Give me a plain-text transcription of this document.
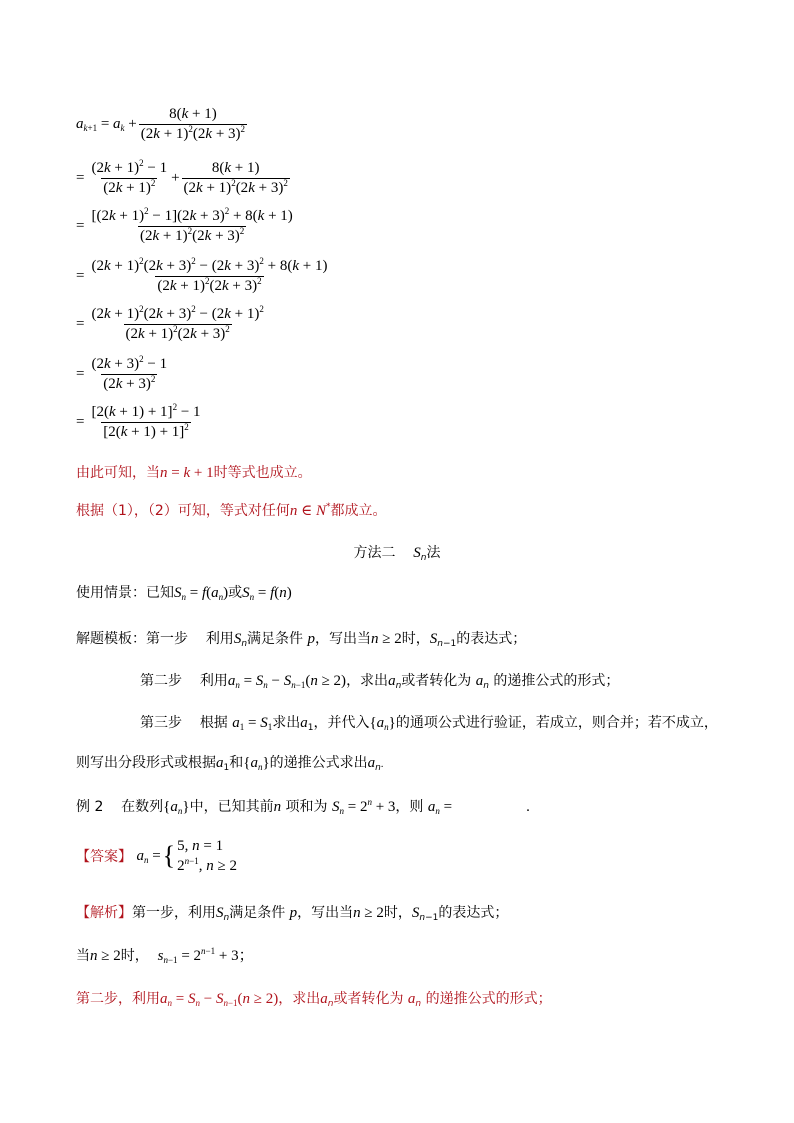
$a_{k+1} = a_k + \frac{8(k + 1)}{(2k + 1)^2(2k + 3)^2}$
= $\frac{(2k + 1)^2 - 1}{(2k + 1)^2} + \frac{8(k + 1)}{(2k + 1)^2(2k + 3)^2}$
= $\frac{[(2k + 1)^2 - 1](2k + 3)^2 + 8(k + 1)}{(2k + 1)^2(2k + 3)^2}$
= $\frac{(2k + 1)^2(2k + 3)^2 - (2k + 3)^2 + 8(k + 1)}{(2k + 1)^2(2k + 3)^2}$
= $\frac{(2k + 1)^2(2k + 3)^2 - (2k + 1)^2}{(2k + 1)^2(2k + 3)^2}$
= $\frac{(2k + 3)^2 - 1}{(2k + 3)^2}$
= $\frac{[2(k + 1) + 1]^2 - 1}{[2(k + 1) + 1]^2}$
由此可知，当n = k + 1时等式也成立。
根据（1），（2）可知，等式对任何n ∈ N*都成立。
方法二 $S_n$法
使用情景：已知$S_n = f(a_n)$或$S_n = f(n)$
解题模板：第一步 利用$S_n$满足条件 p，写出当n ≥ 2时，$S_{n-1}$的表达式；
第二步 利用$a_n = S_n - S_{n-1}(n \ge 2)$，求出$a_n$或者转化为 $a_n$ 的递推公式的形式；
第三步 根据 $a_1 = S_1$求出$a_1$，并代入$\{a_n\}$的通项公式进行验证，若成立，则合并；若不成立，
则写出分段形式或根据$a_1$和$\{a_n\}$的递推公式求出$a_n$.
例 2 在数列$\{a_n\}$中，已知其前n 项和为 $S_n = 2^n + 3$，则 $a_n$ =	.
【答案】
$a_n$ = { 5, n = 1
$2^{n-1}$, n ≥ 2
【解析】第一步，利用$S_n$满足条件 p，写出当n ≥ 2时，$S_{n-1}$的表达式；
当n ≥ 2时， $s_{n-1} = 2^{n-1} + 3$；
第二步，利用$a_n = S_n - S_{n-1}(n \ge 2)$，求出$a_n$或者转化为 $a_n$ 的递推公式的形式；
